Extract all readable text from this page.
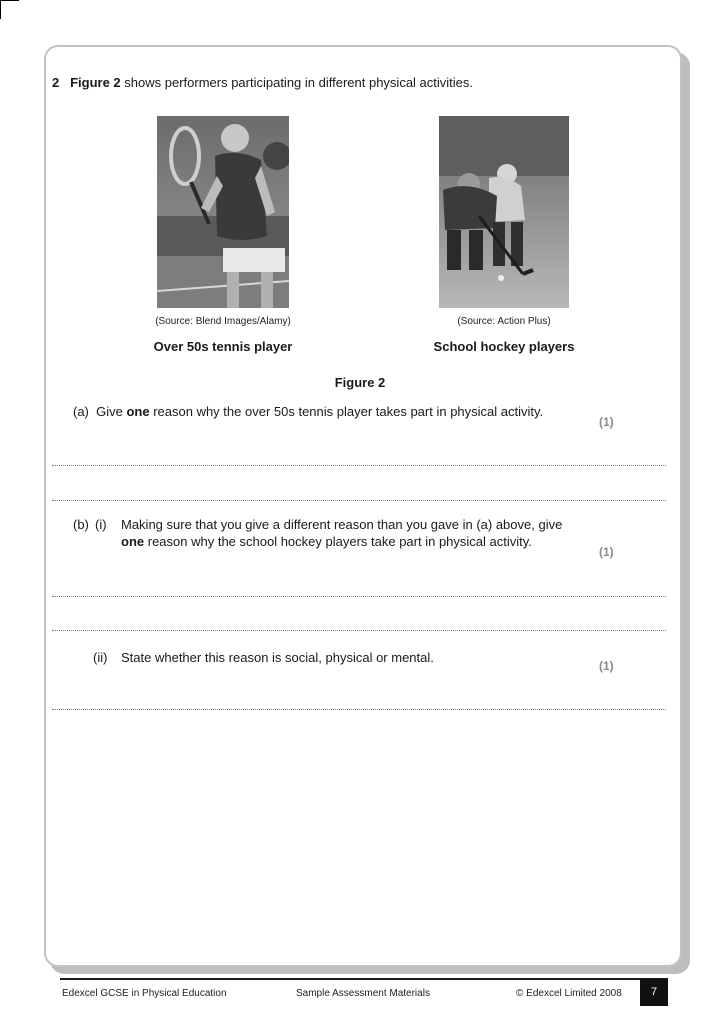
2 Figure 2 shows performers participating in different physical activities.
(Source: Blend Images/Alamy)
Over 50s tennis player
(Source: Action Plus)
School hockey players
Figure 2
(a) Give one reason why the over 50s tennis player takes part in physical activity.
(1)
(b) (i) Making sure that you give a different reason than you gave in (a) above, give
one reason why the school hockey players take part in physical activity.
(1)
(ii) State whether this reason is social, physical or mental.
(1)
Edexcel GCSE in Physical Education	Sample Assessment Materials	© Edexcel Limited 2008	7
